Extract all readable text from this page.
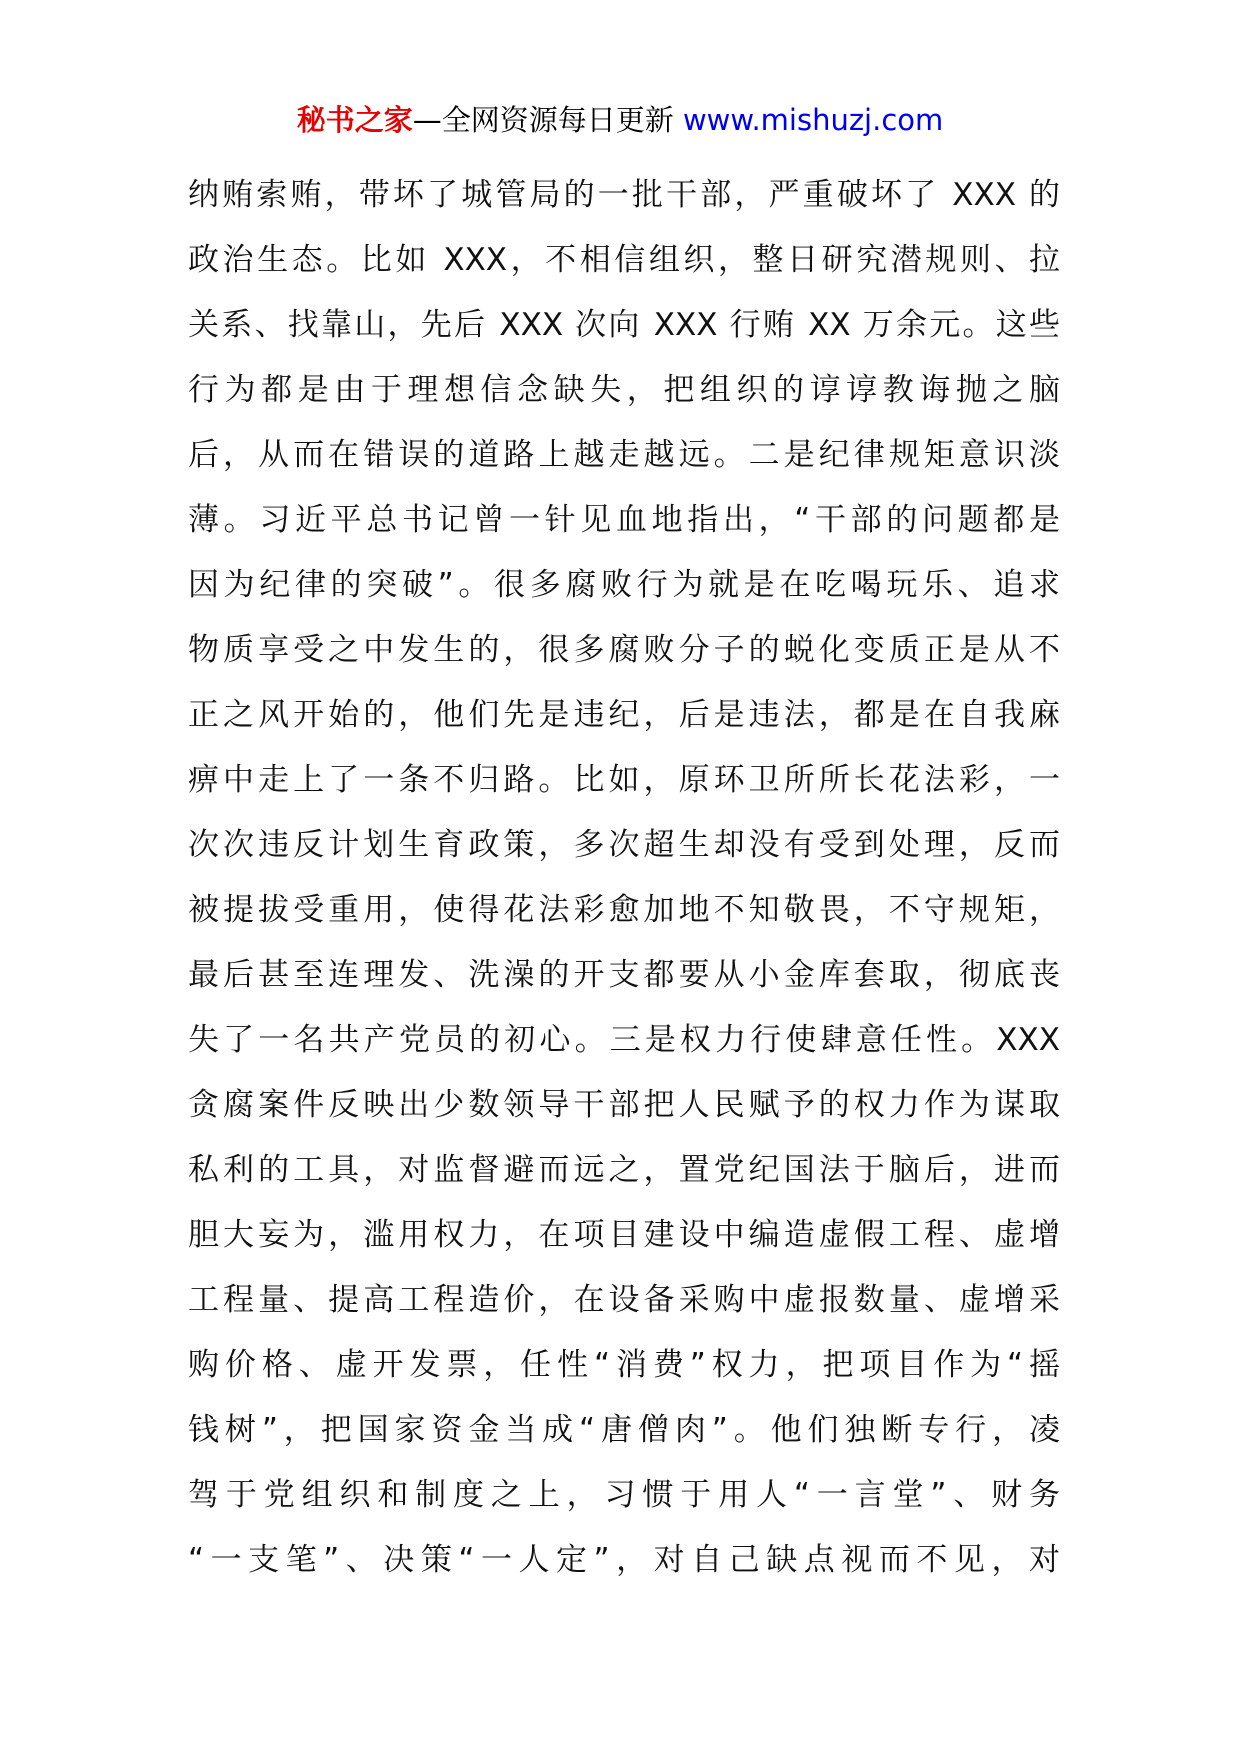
秘书之家—全网资源每日更新 www.mishuzj.com
纳贿索贿，带坏了城管局的一批干部，严重破坏了 XXX 的
政治生态。比如 XXX，不相信组织，整日研究潜规则、拉
关系、找靠山，先后 XXX 次向 XXX 行贿 XX 万余元。这些
行为都是由于理想信念缺失，把组织的谆谆教诲抛之脑
后，从而在错误的道路上越走越远。二是纪律规矩意识淡
薄。习近平总书记曾一针见血地指出，“干部的问题都是
因为纪律的突破”。很多腐败行为就是在吃喝玩乐、追求
物质享受之中发生的，很多腐败分子的蜕化变质正是从不
正之风开始的，他们先是违纪，后是违法，都是在自我麻
痹中走上了一条不归路。比如，原环卫所所长花法彩，一
次次违反计划生育政策，多次超生却没有受到处理，反而
被提拔受重用，使得花法彩愈加地不知敬畏，不守规矩，
最后甚至连理发、洗澡的开支都要从小金库套取，彻底丧
失了一名共产党员的初心。三是权力行使肆意任性。XXX
贪腐案件反映出少数领导干部把人民赋予的权力作为谋取
私利的工具，对监督避而远之，置党纪国法于脑后，进而
胆大妄为，滥用权力，在项目建设中编造虚假工程、虚增
工程量、提高工程造价，在设备采购中虚报数量、虚增采
购价格、虚开发票，任性“消费”权力，把项目作为“摇
钱树”，把国家资金当成“唐僧肉”。他们独断专行，凌
驾于党组织和制度之上，习惯于用人“一言堂”、财务
“一支笔”、决策“一人定”，对自己缺点视而不见，对
